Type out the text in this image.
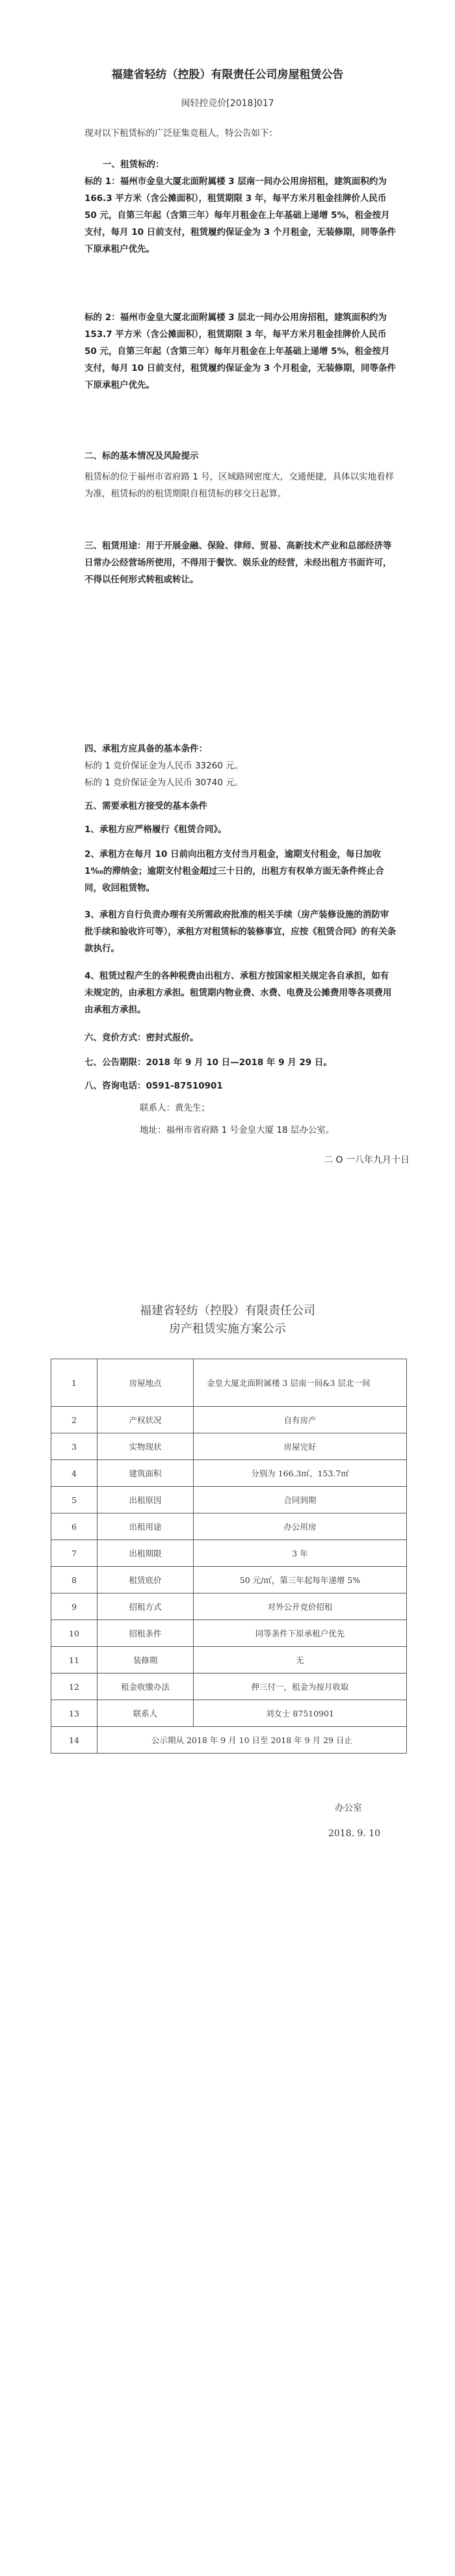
福建省轻纺（控股）有限责任公司房屋租赁公告
闽轻控竞价[2018]017
现对以下租赁标的广泛征集竞租人，特公告如下：
一、租赁标的：
标的 1：福州市金皇大厦北面附属楼 3 层南一间办公用房招租，建筑面积约为 166.3 平方米（含公摊面积），租赁期限 3 年，每平方米月租金挂牌价人民币 50 元，自第三年起（含第三年）每年月租金在上年基础上递增 5%，租金按月支付，每月 10 日前支付，租赁履约保证金为 3 个月租金，无装修期，同等条件下原承租户优先。
标的 2：福州市金皇大厦北面附属楼 3 层北一间办公用房招租，建筑面积约为 153.7 平方米（含公摊面积），租赁期限 3 年，每平方米月租金挂牌价人民币 50 元，自第三年起（含第三年）每年月租金在上年基础上递增 5%，租金按月支付，每月 10 日前支付，租赁履约保证金为 3 个月租金，无装修期，同等条件下原承租户优先。
二、标的基本情况及风险提示
租赁标的位于福州市省府路 1 号，区域路网密度大，交通便捷，具体以实地看样为准，租赁标的的租赁期限自租赁标的移交日起算。
三、租赁用途：用于开展金融、保险、律师、贸易、高新技术产业和总部经济等日常办公经营场所使用，不得用于餐饮、娱乐业的经营，未经出租方书面许可，不得以任何形式转租或转让。
四、承租方应具备的基本条件：
标的 1 竞价保证金为人民币 33260 元。
标的 1 竞价保证金为人民币 30740 元。
五、需要承租方接受的基本条件
1、承租方应严格履行《租赁合同》。
2、承租方在每月 10 日前向出租方支付当月租金，逾期支付租金，每日加收 1‰的滞纳金；逾期支付租金超过三十日的，出租方有权单方面无条件终止合同，收回租赁物。
3、承租方自行负责办理有关所需政府批准的相关手续（房产装修设施的消防审批手续和验收许可等），承租方对租赁标的装修事宜，应按《租赁合同》的有关条款执行。
4、租赁过程产生的各种税费由出租方、承租方按国家相关规定各自承担，如有未规定的，由承租方承担。租赁期内物业费、水费、电费及公摊费用等各项费用由承租方承担。
六、竞价方式：密封式报价。
七、公告期限：2018 年 9 月 10 日—2018 年 9 月 29 日。
八、咨询电话：0591-87510901
联系人：黄先生；
地址：福州市省府路 1 号金皇大厦 18 层办公室。
二 O 一八年九月十日
福建省轻纺（控股）有限责任公司
房产租赁实施方案公示
1	房屋地点	金皇大厦北面附属楼 3 层南一间&3 层北一间
2	产权状况	自有房产
3	实物现状	房屋完好
4	建筑面积	分别为 166.3㎡、153.7㎡
5	出租原因	合同到期
6	出租用途	办公用房
7	出租期限	3 年
8	租赁底价	50 元/㎡，第三年起每年递增 5%
9	招租方式	对外公开竞价招租
10	招租条件	同等条件下原承租户优先
11	装修期	无
12	租金收缴办法	押三付一，租金为按月收取
13	联系人	刘女士 87510901
14	公示期从 2018 年 9 月 10 日至 2018 年 9 月 29 日止	
办公室
2018. 9. 10
